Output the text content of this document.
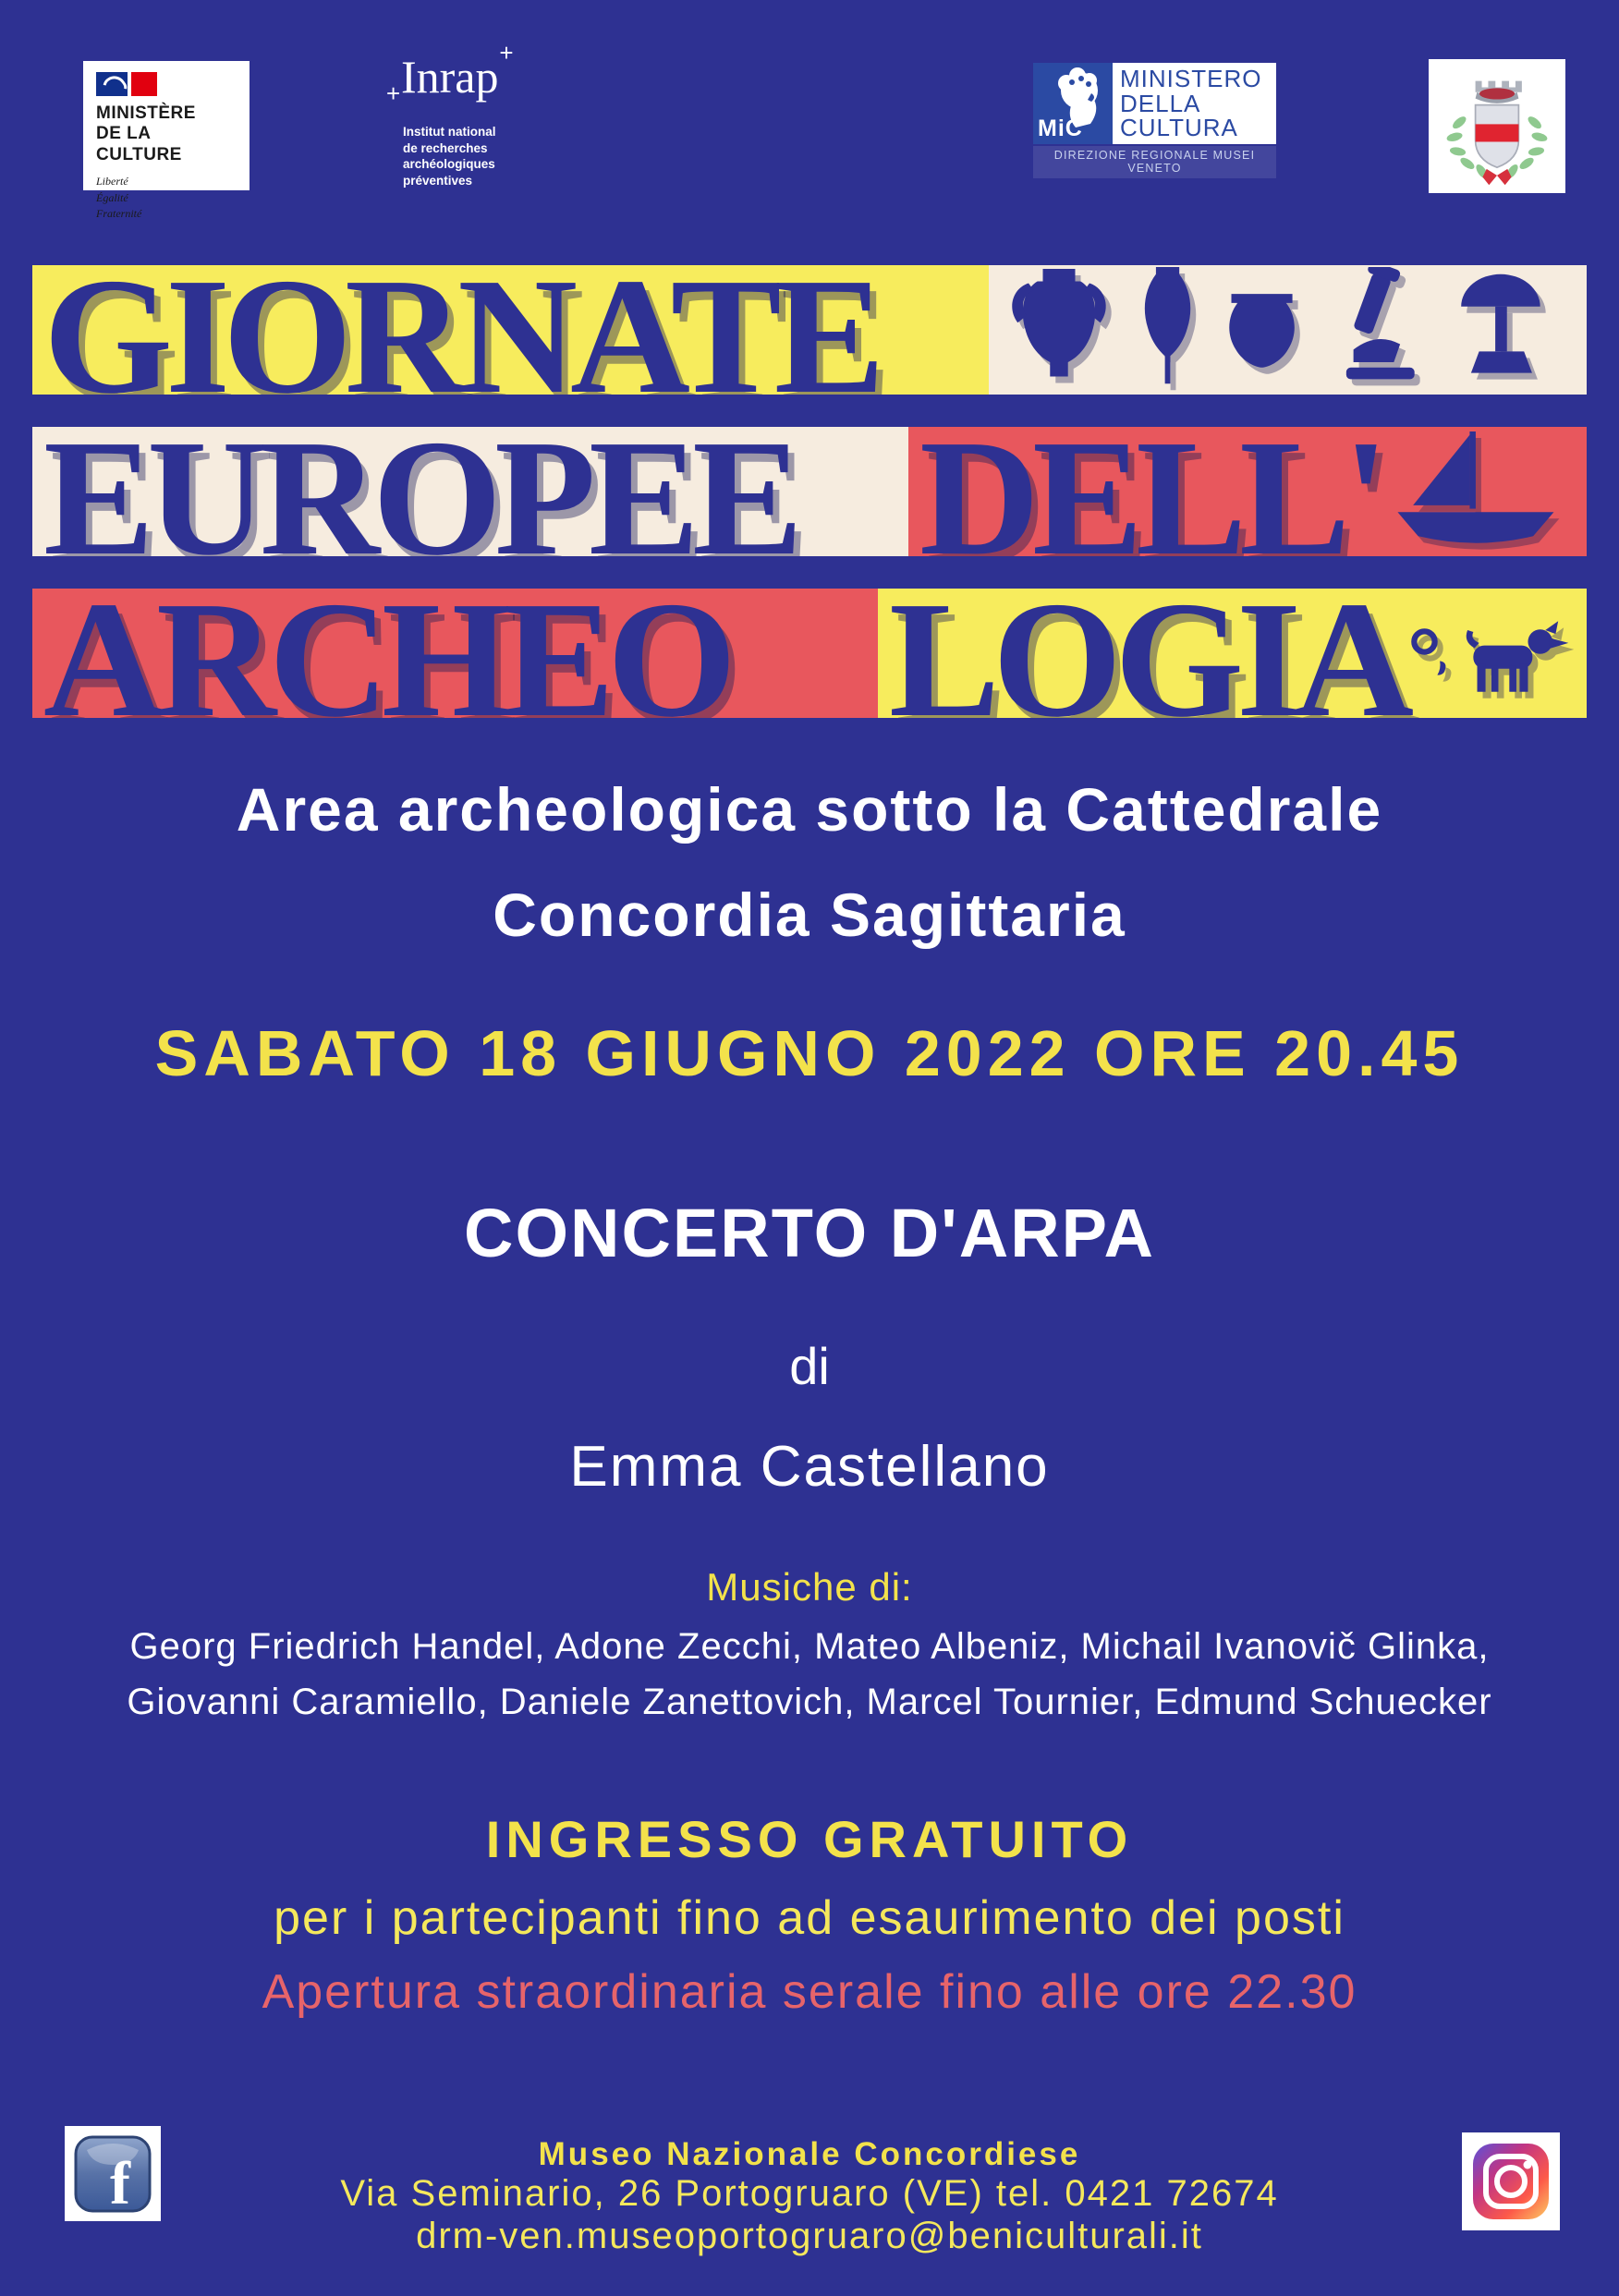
MINISTÈRE
DE LA CULTURE
Liberté
Égalité
Fraternité
Inrap +
+
Institut national
de recherches
archéologiques
préventives
MiC
MINISTERO
DELLA
CULTURA
DIREZIONE REGIONALE MUSEI VENETO
GIORNATE
EUROPEE DELL'
ARCHEO LOGIA
Area archeologica sotto la Cattedrale
Concordia Sagittaria
SABATO 18 GIUGNO 2022 ORE 20.45
CONCERTO D'ARPA
di
Emma Castellano
Musiche di:
Georg Friedrich Handel, Adone Zecchi, Mateo Albeniz, Michail Ivanovič Glinka,
Giovanni Caramiello, Daniele Zanettovich, Marcel Tournier, Edmund Schuecker
INGRESSO GRATUITO
per i partecipanti fino ad esaurimento dei posti
Apertura straordinaria serale fino alle ore 22.30
Museo Nazionale Concordiese
Via Seminario, 26 Portogruaro (VE) tel. 0421 72674
drm-ven.museoportogruaro@beniculturali.it
f
